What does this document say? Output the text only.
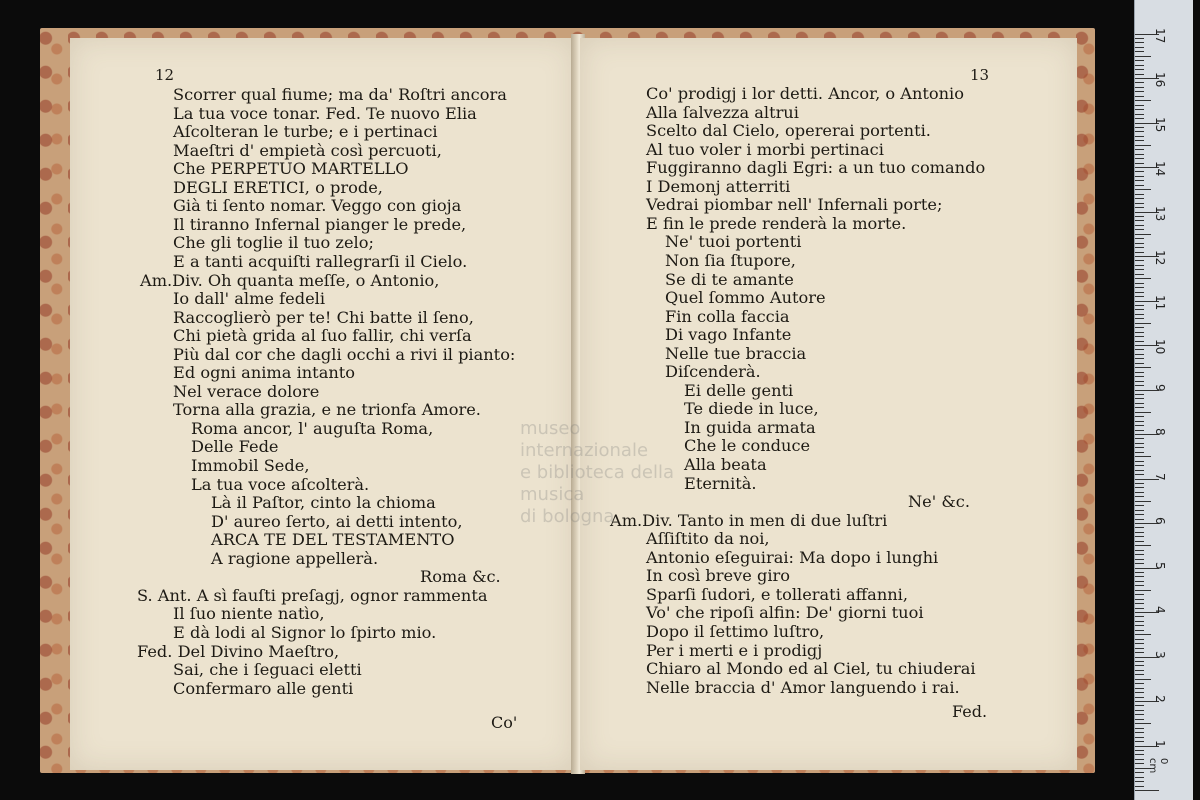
12
Scorrer qual fiume; ma da' Roſtri ancora
La tua voce tonar. Fed. Te nuovo Elia
Aſcolteran le turbe; e i pertinaci
Maeſtri d' empietà così percuoti,
Che PERPETUO MARTELLO
DEGLI ERETICI, o prode,
Già ti ſento nomar. Veggo con gioja
Il tiranno Infernal pianger le prede,
Che gli toglie il tuo zelo;
E a tanti acquiſti rallegrarſi il Cielo.
Am.Div. Oh quanta meſſe, o Antonio,
Io dall' alme fedeli
Raccoglierò per te! Chi batte il ſeno,
Chi pietà grida al ſuo fallir, chi verſa
Più dal cor che dagli occhi a rivi il pianto:
Ed ogni anima intanto
Nel verace dolore
Torna alla grazia, e ne trionfa Amore.
Roma ancor, l' auguſta Roma,
Delle Fede
Immobil Sede,
La tua voce aſcolterà.
Là il Paſtor, cinto la chioma
D' aureo ſerto, ai detti intento,
ARCA TE DEL TESTAMENTO
A ragione appellerà.
Roma &c.
S. Ant. A sì fauſti preſagj, ognor rammenta
Il ſuo niente natìo,
E dà lodi al Signor lo ſpirto mio.
Fed. Del Divino Maeſtro,
Sai, che i ſeguaci eletti
Confermaro alle genti
Co'
13
Co' prodigj i lor detti. Ancor, o Antonio
Alla ſalvezza altrui
Scelto dal Cielo, opererai portenti.
Al tuo voler i morbi pertinaci
Fuggiranno dagli Egri: a un tuo comando
I Demonj atterriti
Vedrai piombar nell' Infernali porte;
E fin le prede renderà la morte.
Ne' tuoi portenti
Non ſia ſtupore,
Se di te amante
Quel ſommo Autore
Fin colla faccia
Di vago Infante
Nelle tue braccia
Diſcenderà.
Ei delle genti
Te diede in luce,
In guida armata
Che le conduce
Alla beata
Eternità.
Ne' &c.
Am.Div. Tanto in men di due luſtri
Aſſiſtito da noi,
Antonio eſeguirai: Ma dopo i lunghi
In così breve giro
Sparſi ſudori, e tollerati affanni,
Vo' che ripoſi alfin: De' giorni tuoi
Dopo il ſettimo luſtro,
Per i merti e i prodigj
Chiaro al Mondo ed al Ciel, tu chiuderai
Nelle braccia d' Amor languendo i rai.
Fed.
museo internazionale
e biblioteca della musica
di bologna
17
16
15
14
13
12
11
10
9
8
7
6
5
4
3
2
1
0 cm
